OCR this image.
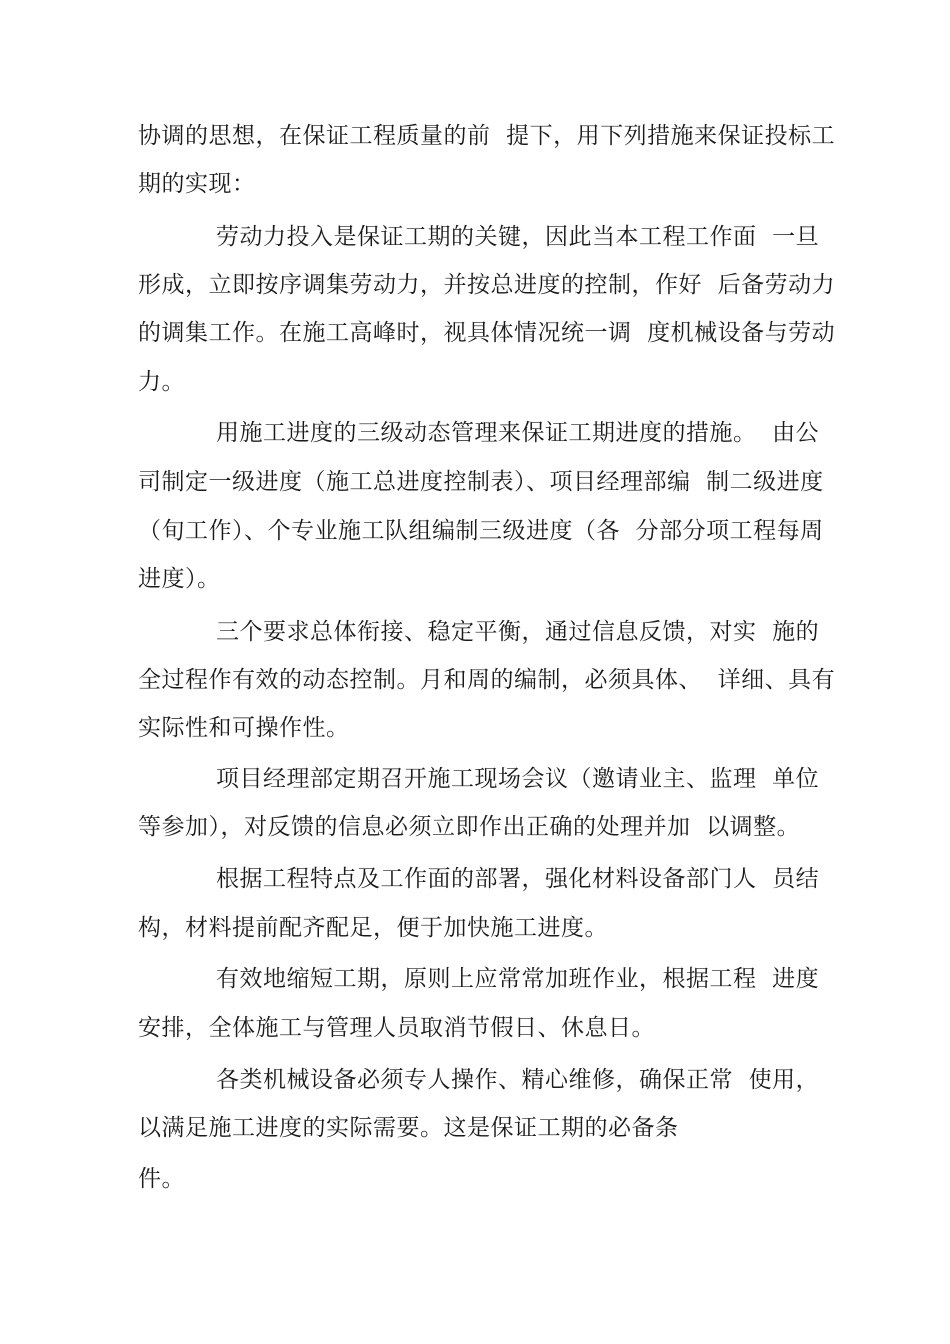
协调的思想，在保证工程质量的前  提下，用下列措施来保证投标工
期的实现：
劳动力投入是保证工期的关键，因此当本工程工作面  一旦
形成，立即按序调集劳动力，并按总进度的控制，作好  后备劳动力
的调集工作。在施工高峰时，视具体情况统一调  度机械设备与劳动
力。
用施工进度的三级动态管理来保证工期进度的措施。  由公
司制定一级进度（施工总进度控制表）、项目经理部编  制二级进度
（旬工作）、个专业施工队组编制三级进度（各  分部分项工程每周
进度）。
三个要求总体衔接、稳定平衡，通过信息反馈，对实  施的
全过程作有效的动态控制。月和周的编制，必须具体、  详细、具有
实际性和可操作性。
项目经理部定期召开施工现场会议（邀请业主、监理  单位
等参加），对反馈的信息必须立即作出正确的处理并加  以调整。
根据工程特点及工作面的部署，强化材料设备部门人  员结
构，材料提前配齐配足，便于加快施工进度。
有效地缩短工期，原则上应常常加班作业，根据工程  进度
安排，全体施工与管理人员取消节假日、休息日。
各类机械设备必须专人操作、精心维修，确保正常  使用，
以满足施工进度的实际需要。这是保证工期的必备条
件。
